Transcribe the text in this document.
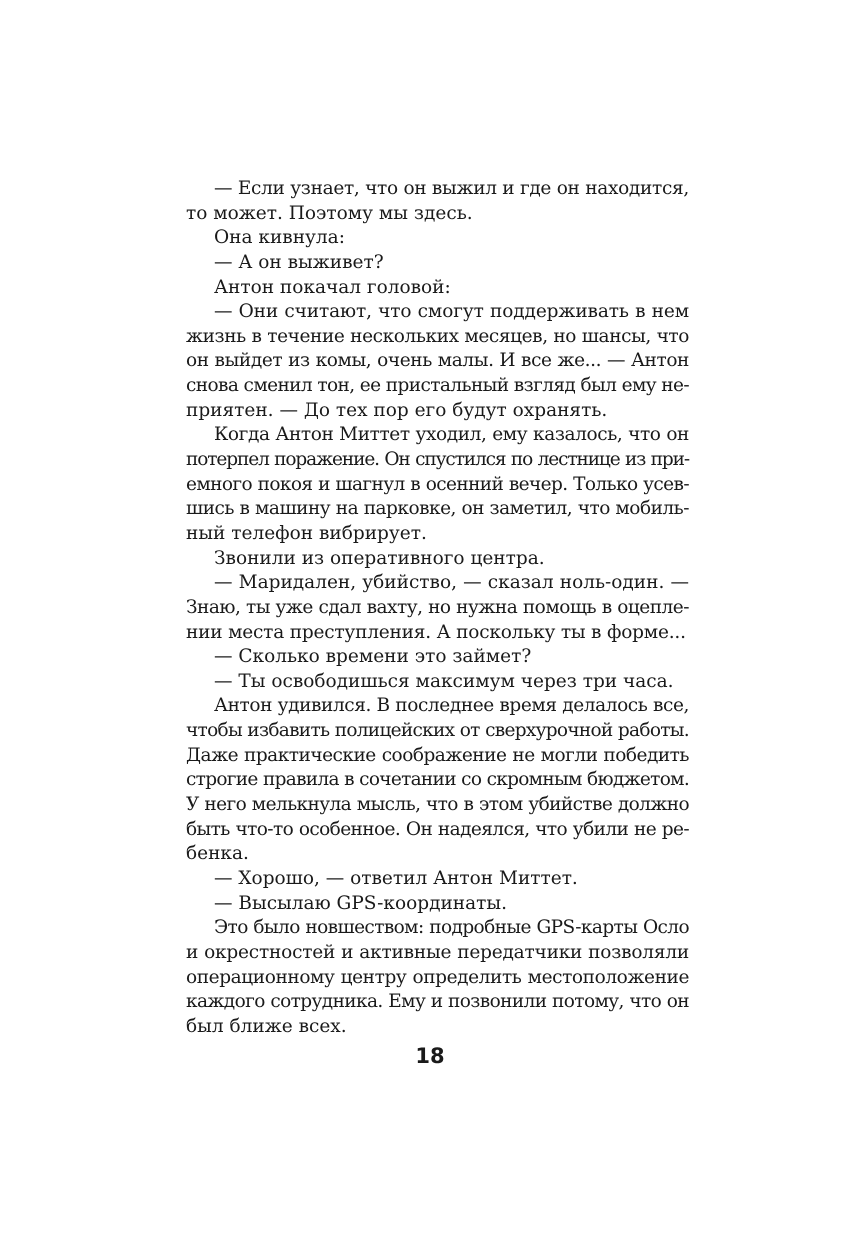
— Если узнает, что он выжил и где он находится,
то может. Поэтому мы здесь.
Она кивнула:
— А он выживет?
Антон покачал головой:
— Они считают, что смогут поддерживать в нем
жизнь в течение нескольких месяцев, но шансы, что
он выйдет из комы, очень малы. И все же... — Антон
снова сменил тон, ее пристальный взгляд был ему не-
приятен. — До тех пор его будут охранять.
Когда Антон Миттет уходил, ему казалось, что он
потерпел поражение. Он спустился по лестнице из при-
емного покоя и шагнул в осенний вечер. Только усев-
шись в машину на парковке, он заметил, что мобиль-
ный телефон вибрирует.
Звонили из оперативного центра.
— Маридален, убийство, — сказал ноль-один. —
Знаю, ты уже сдал вахту, но нужна помощь в оцепле-
нии места преступления. А поскольку ты в форме...
— Сколько времени это займет?
— Ты освободишься максимум через три часа.
Антон удивился. В последнее время делалось все,
чтобы избавить полицейских от сверхурочной работы.
Даже практические соображение не могли победить
строгие правила в сочетании со скромным бюджетом.
У него мелькнула мысль, что в этом убийстве должно
быть что-то особенное. Он надеялся, что убили не ре-
бенка.
— Хорошо, — ответил Антон Миттет.
— Высылаю GPS-координаты.
Это было новшеством: подробные GPS-карты Осло
и окрестностей и активные передатчики позволяли
операционному центру определить местоположение
каждого сотрудника. Ему и позвонили потому, что он
был ближе всех.
18
